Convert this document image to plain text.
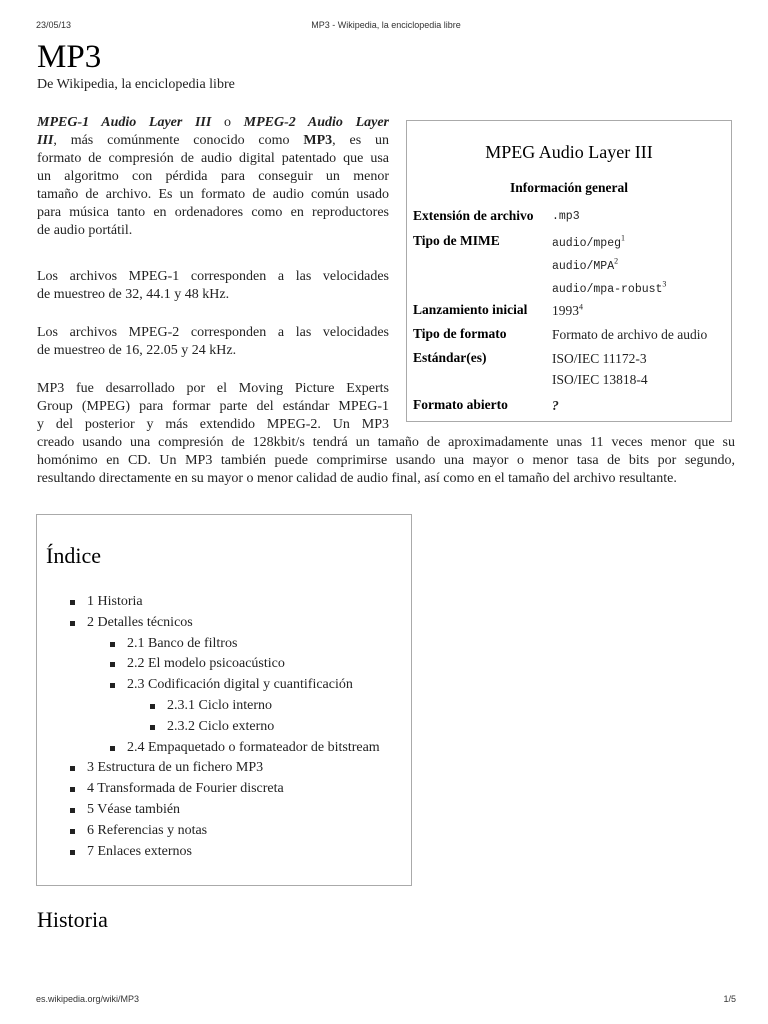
23/05/13	MP3 - Wikipedia, la enciclopedia libre
MP3
De Wikipedia, la enciclopedia libre
MPEG-1 Audio Layer III o MPEG-2 Audio Layer
III, más comúnmente conocido como MP3, es un
formato de compresión de audio digital patentado que usa
un algoritmo con pérdida para conseguir un menor
tamaño de archivo. Es un formato de audio común usado
para música tanto en ordenadores como en reproductores
de audio portátil.
Los archivos MPEG-1 corresponden a las velocidades
de muestreo de 32, 44.1 y 48 kHz.
Los archivos MPEG-2 corresponden a las velocidades
de muestreo de 16, 22.05 y 24 kHz.
MP3 fue desarrollado por el Moving Picture Experts
Group (MPEG) para formar parte del estándar MPEG-1
y del posterior y más extendido MPEG-2. Un MP3
creado usando una compresión de 128kbit/s tendrá un tamaño de aproximadamente unas 11 veces menor que su
homónimo en CD. Un MP3 también puede comprimirse usando una mayor o menor tasa de bits por segundo,
resultando directamente en su mayor o menor calidad de audio final, así como en el tamaño del archivo resultante.
MPEG Audio Layer III
Información general
Extensión de archivo .mp3
Tipo de MIME	audio/mpeg$^1$
audio/MPA$^2$
audio/mpa-robust$^3$
Lanzamiento inicial 1993$^4$
Tipo de formato	Formato de archivo de audio
Estándar(es)	ISO/IEC 11172-3
ISO/IEC 13818-4
Formato abierto	?
Índice
1 Historia
2 Detalles técnicos
2.1 Banco de filtros
2.2 El modelo psicoacústico
2.3 Codificación digital y cuantificación
2.3.1 Ciclo interno
2.3.2 Ciclo externo
2.4 Empaquetado o formateador de bitstream
3 Estructura de un fichero MP3
4 Transformada de Fourier discreta
5 Véase también
6 Referencias y notas
7 Enlaces externos
Historia
es.wikipedia.org/wiki/MP3	1/5
